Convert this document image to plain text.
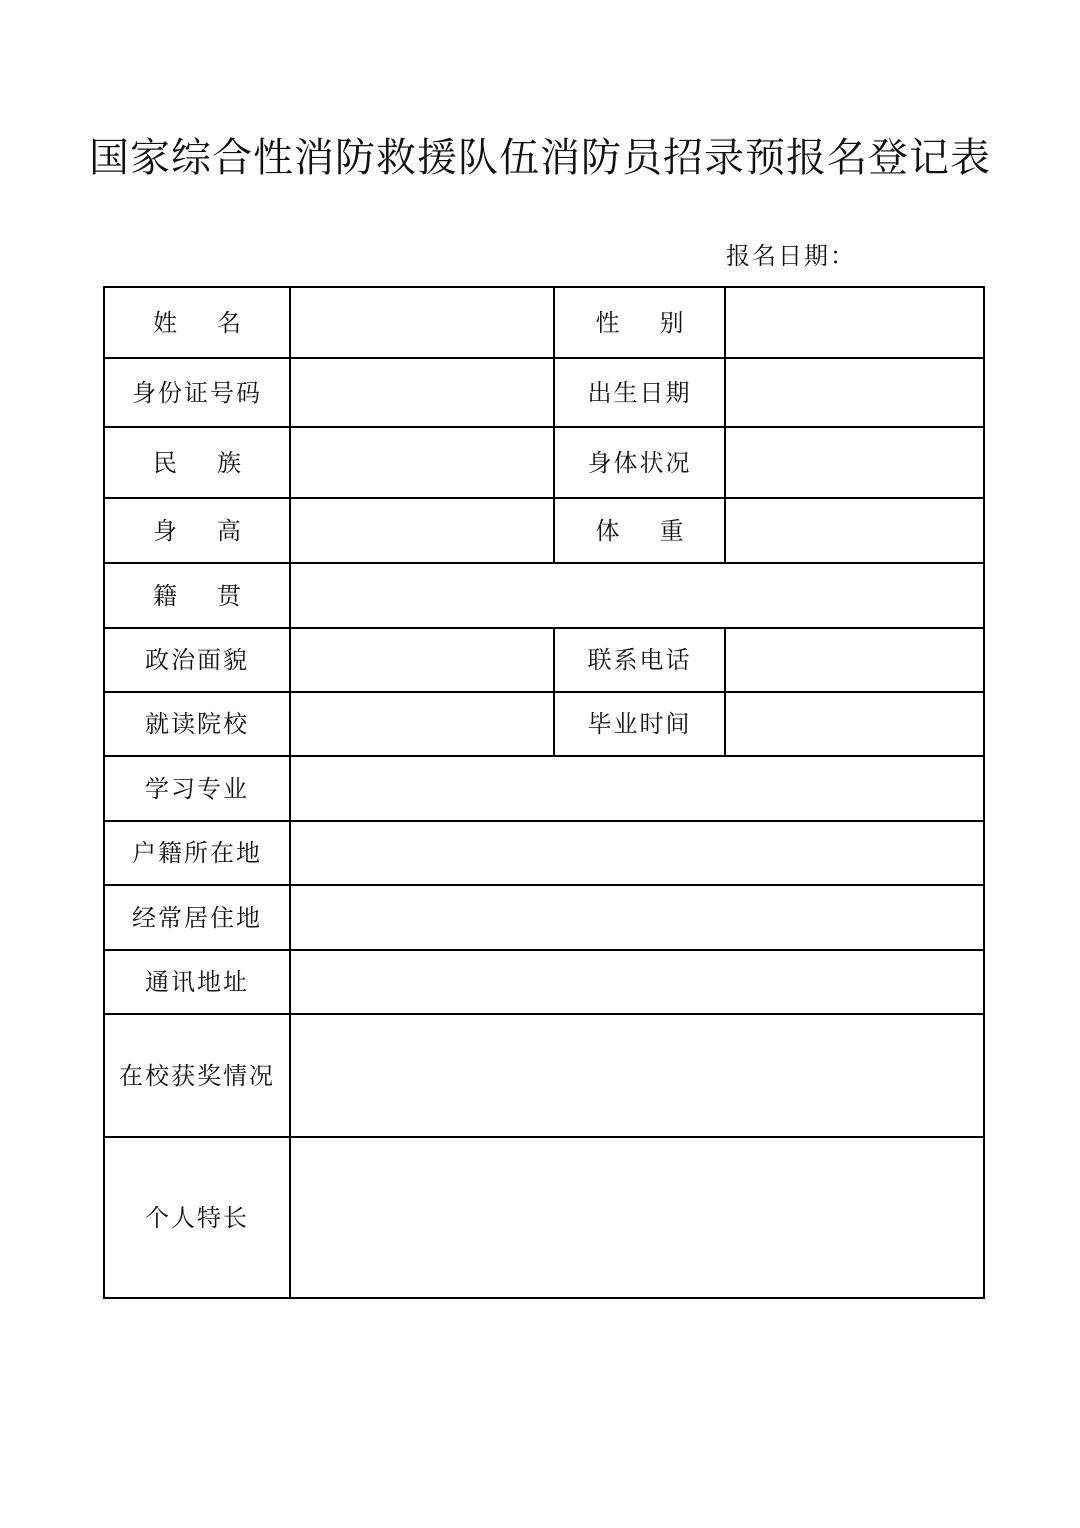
国家综合性消防救援队伍消防员招录预报名登记表
报名日期：
姓名		性别	
身份证号码		出生日期	
民族		身体状况	
身高		体重	
籍贯			
政治面貌		联系电话	
就读院校		毕业时间	
学习专业			
户籍所在地			
经常居住地			
通讯地址			
在校获奖情况			
个人特长			
